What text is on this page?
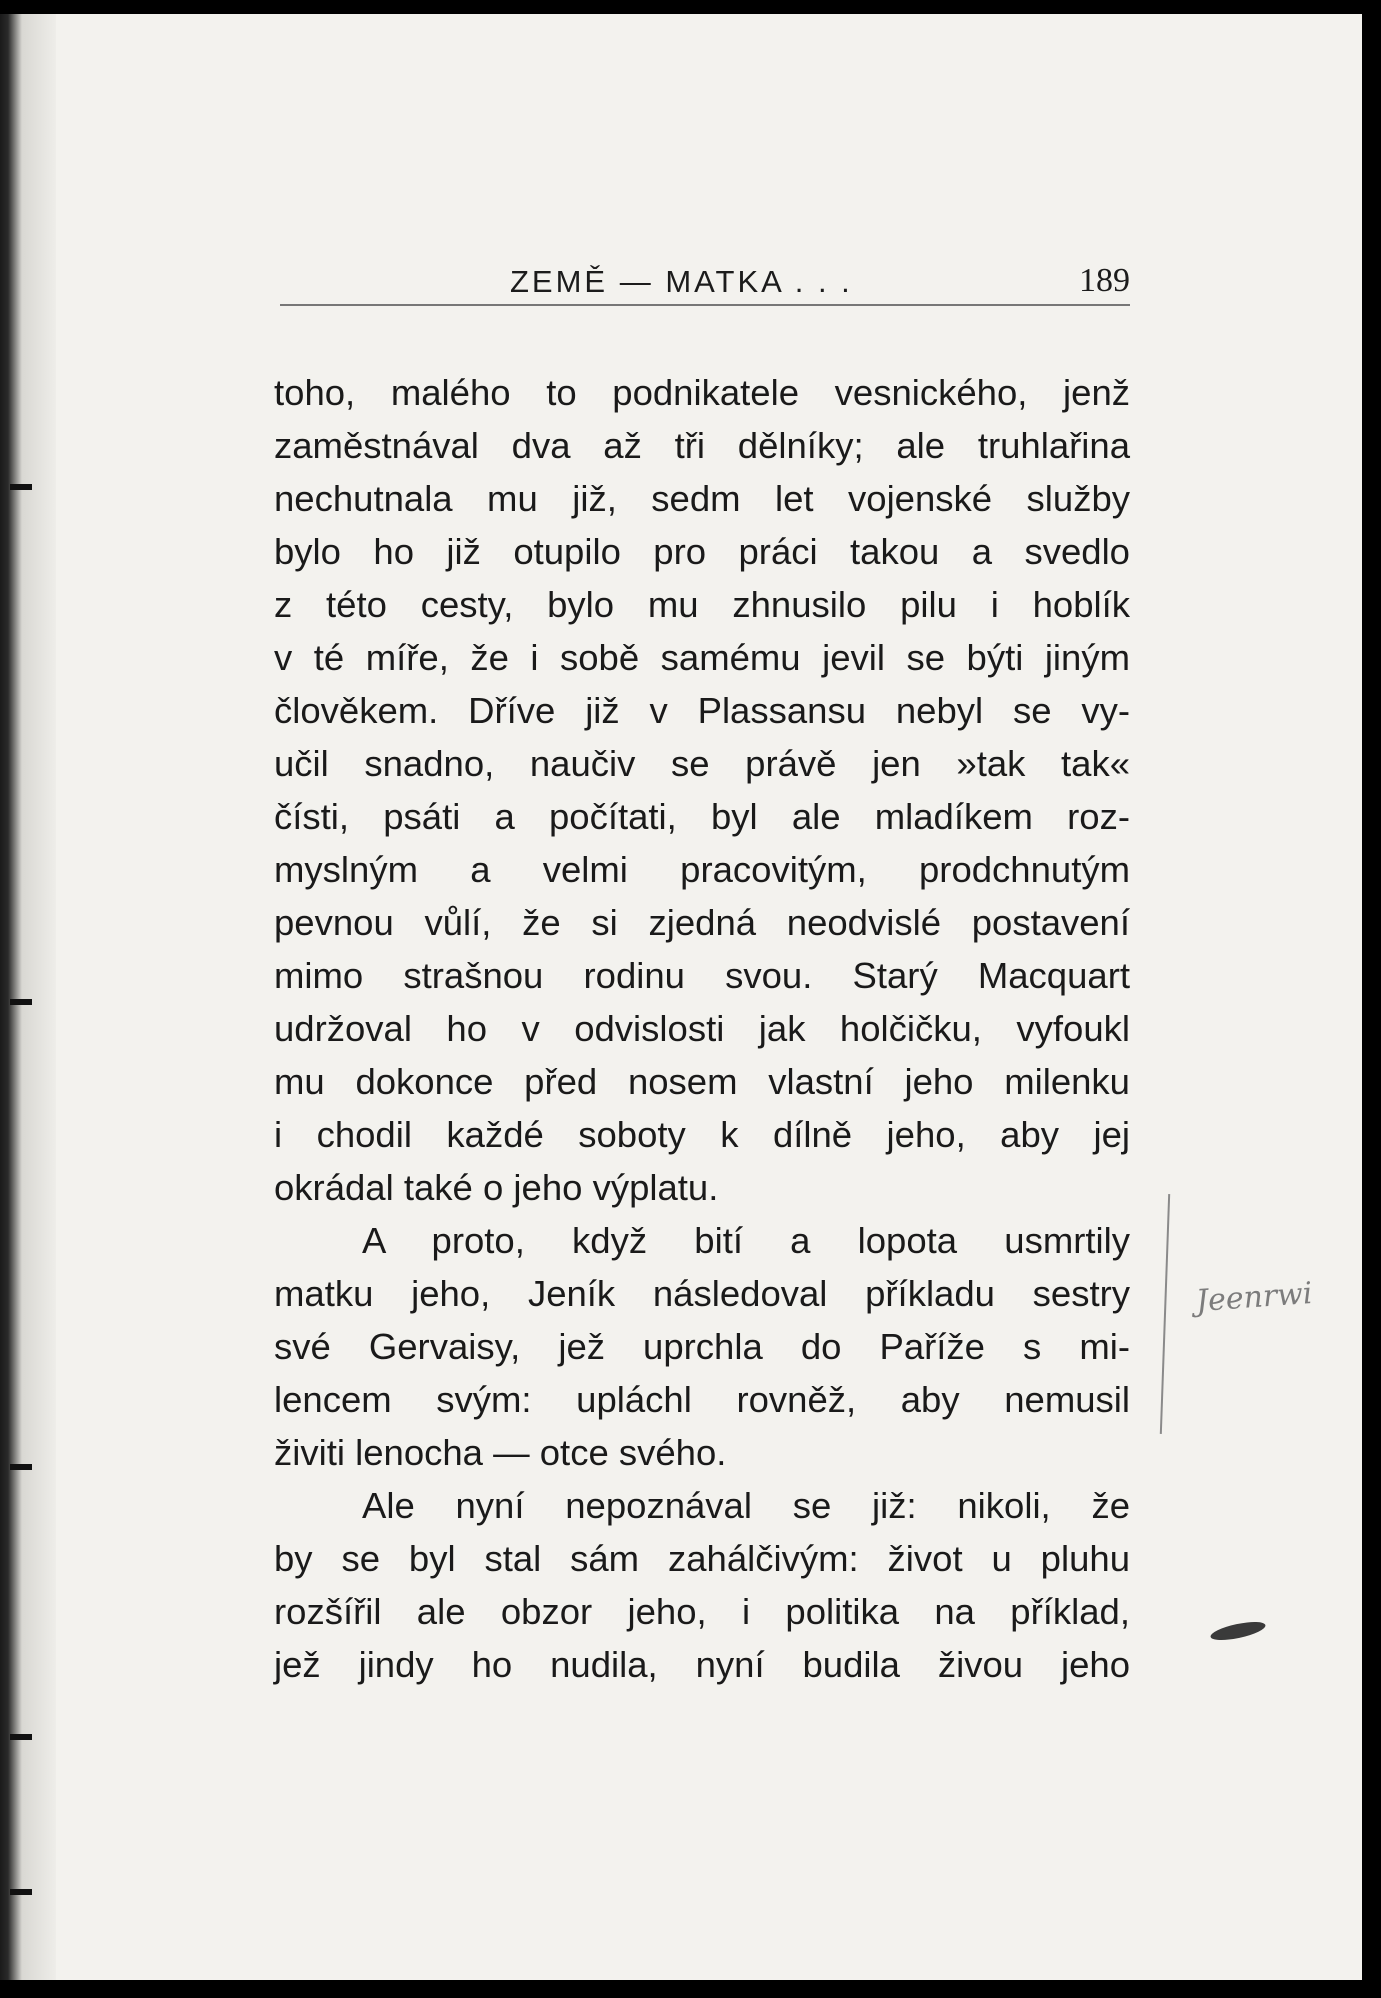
ZEMĚ — MATKA . . .	189
toho, malého to podnikatele vesnického, jenž
zaměstnával dva až tři dělníky; ale truhlařina
nechutnala mu již, sedm let vojenské služby
bylo ho již otupilo pro práci takou a svedlo
z této cesty, bylo mu zhnusilo pilu i hoblík
v té míře, že i sobě samému jevil se býti jiným
člověkem. Dříve již v Plassansu nebyl se vy-
učil snadno, naučiv se právě jen »tak tak«
čísti, psáti a počítati, byl ale mladíkem roz-
myslným a velmi pracovitým, prodchnutým
pevnou vůlí, že si zjedná neodvislé postavení
mimo strašnou rodinu svou. Starý Macquart
udržoval ho v odvislosti jak holčičku, vyfoukl
mu dokonce před nosem vlastní jeho milenku
i chodil každé soboty k dílně jeho, aby jej
okrádal také o jeho výplatu.
A proto, když bití a lopota usmrtily
matku jeho, Jeník následoval příkladu sestry
své Gervaisy, jež uprchla do Paříže s mi-
lencem svým: upláchl rovněž, aby nemusil
živiti lenocha — otce svého.
Ale nyní nepoznával se již: nikoli, že
by se byl stal sám zahálčivým: život u pluhu
rozšířil ale obzor jeho, i politika na příklad,
jež jindy ho nudila, nyní budila živou jeho
Jeenrwi
